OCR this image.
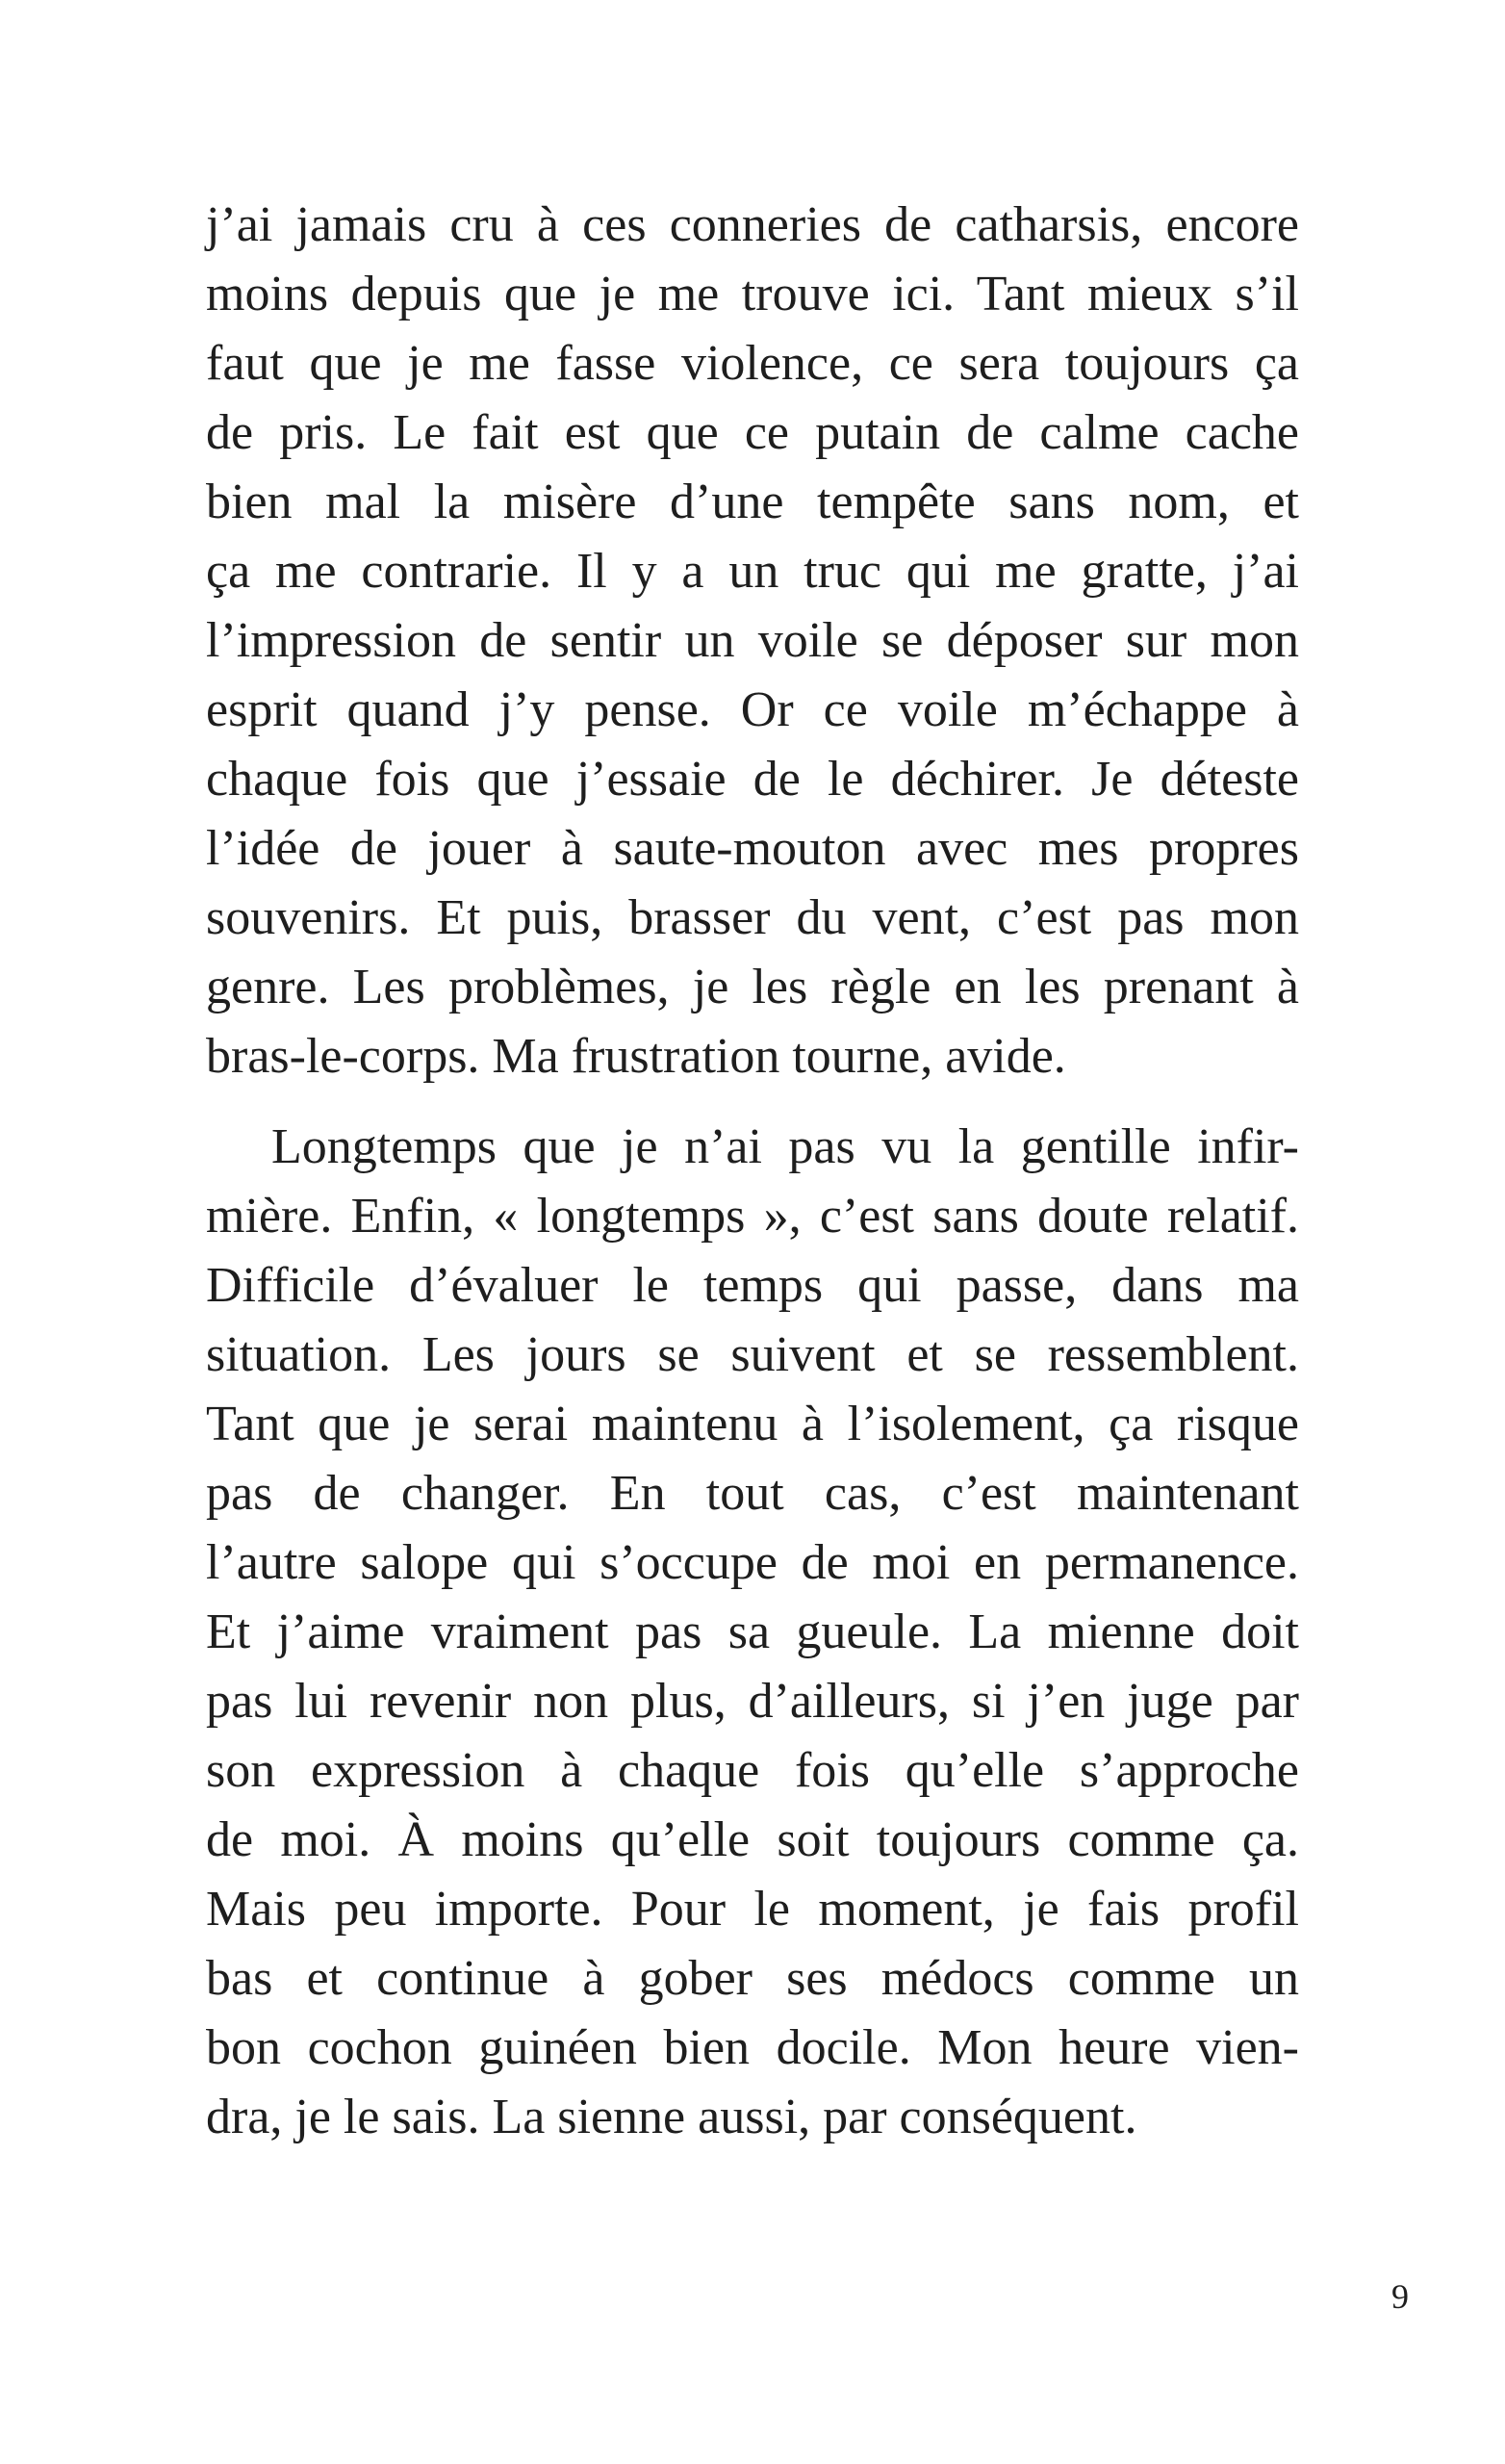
j’ai jamais cru à ces conneries de catharsis, encore
moins depuis que je me trouve ici. Tant mieux s’il
faut que je me fasse violence, ce sera toujours ça
de pris. Le fait est que ce putain de calme cache
bien mal la misère d’une tempête sans nom, et
ça me contrarie. Il y a un truc qui me gratte, j’ai
l’impression de sentir un voile se déposer sur mon
esprit quand j’y pense. Or ce voile m’échappe à
chaque fois que j’essaie de le déchirer. Je déteste
l’idée de jouer à saute-mouton avec mes propres
souvenirs. Et puis, brasser du vent, c’est pas mon
genre. Les problèmes, je les règle en les prenant à
bras-le-corps. Ma frustration tourne, avide.
Longtemps que je n’ai pas vu la gentille infir-
mière. Enfin, « longtemps », c’est sans doute relatif.
Difficile d’évaluer le temps qui passe, dans ma
situation. Les jours se suivent et se ressemblent.
Tant que je serai maintenu à l’isolement, ça risque
pas de changer. En tout cas, c’est maintenant
l’autre salope qui s’occupe de moi en permanence.
Et j’aime vraiment pas sa gueule. La mienne doit
pas lui revenir non plus, d’ailleurs, si j’en juge par
son expression à chaque fois qu’elle s’approche
de moi. À moins qu’elle soit toujours comme ça.
Mais peu importe. Pour le moment, je fais profil
bas et continue à gober ses médocs comme un
bon cochon guinéen bien docile. Mon heure vien-
dra, je le sais. La sienne aussi, par conséquent.
9
